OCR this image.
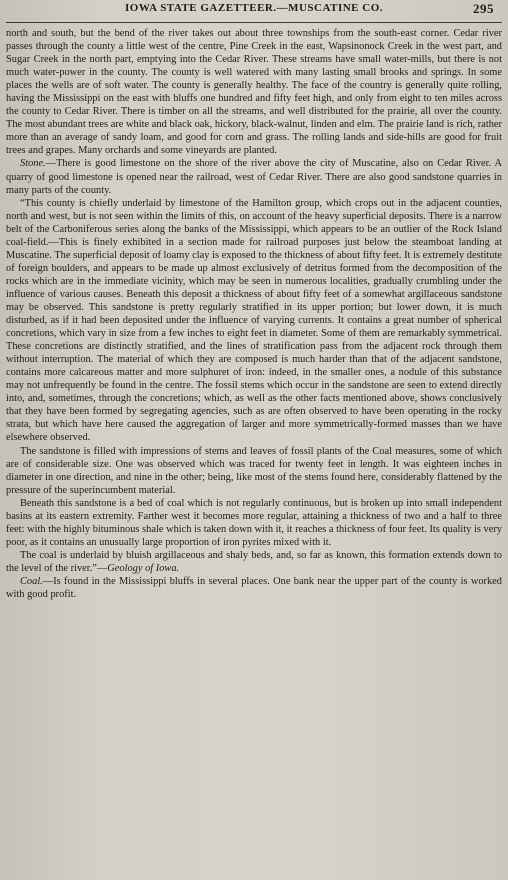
IOWA STATE GAZETTEER.—MUSCATINE CO.	295

north and south, but the bend of the river takes out about three townships from the south-east corner. Cedar river passes through the county a little west of the centre, Pine Creek in the east, Wapsinonock Creek in the west part, and Sugar Creek in the north part, emptying into the Cedar River. These streams have small water-mills, but there is not much water-power in the county. The county is well watered with many lasting small brooks and springs. In some places the wells are of soft water. The county is generally healthy. The face of the country is generally quite rolling, having the Mississippi on the east with bluffs one hundred and fifty feet high, and only from eight to ten miles across the county to Cedar River. There is timber on all the streams, and well distributed for the prairie, all over the county. The most abundant trees are white and black oak, hickory, black-walnut, linden and elm. The prairie land is rich, rather more than an average of sandy loam, and good for corn and grass. The rolling lands and side-hills are good for fruit trees and grapes. Many orchards and some vineyards are planted.

Stone.—There is good limestone on the shore of the river above the city of Muscatine, also on Cedar River. A quarry of good limestone is opened near the railroad, west of Cedar River. There are also good sandstone quarries in many parts of the county.

“This county is chiefly underlaid by limestone of the Hamilton group, which crops out in the adjacent counties, north and west, but is not seen within the limits of this, on account of the heavy superficial deposits. There is a narrow belt of the Carboniferous series along the banks of the Mississippi, which appears to be an outlier of the Rock Island coal-field.—This is finely exhibited in a section made for railroad purposes just below the steamboat landing at Muscatine. The superficial deposit of loamy clay is exposed to the thickness of about fifty feet. It is extremely destitute of foreign boulders, and appears to be made up almost exclusively of detritus formed from the decomposition of the rocks which are in the immediate vicinity, which may be seen in numerous localities, gradually crumbling under the influence of various causes. Beneath this deposit a thickness of about fifty feet of a somewhat argillaceous sandstone may be observed. This sandstone is pretty regularly stratified in its upper portion; but lower down, it is much disturbed, as if it had been deposited under the influence of varying currents. It contains a great number of spherical concretions, which vary in size from a few inches to eight feet in diameter. Some of them are remarkably symmetrical. These concretions are distinctly stratified, and the lines of stratification pass from the adjacent rock through them without interruption. The material of which they are composed is much harder than that of the adjacent sandstone, contains more calcareous matter and more sulphuret of iron: indeed, in the smaller ones, a nodule of this substance may not unfrequently be found in the centre. The fossil stems which occur in the sandstone are seen to extend directly into, and, sometimes, through the concretions; which, as well as the other facts mentioned above, shows conclusively that they have been formed by segregating agencies, such as are often observed to have been operating in the rocky strata, but which have here caused the aggregation of larger and more symmetrically-formed masses than we have elsewhere observed.

The sandstone is filled with impressions of stems and leaves of fossil plants of the Coal measures, some of which are of considerable size. One was observed which was traced for twenty feet in length. It was eighteen inches in diameter in one direction, and nine in the other; being, like most of the stems found here, considerably flattened by the pressure of the superincumbent material.

Beneath this sandstone is a bed of coal which is not regularly continuous, but is broken up into small independent basins at its eastern extremity. Farther west it becomes more regular, attaining a thickness of two and a half to three feet: with the highly bituminous shale which is taken down with it, it reaches a thickness of four feet. Its quality is very poor, as it contains an unusually large proportion of iron pyrites mixed with it.

The coal is underlaid by bluish argillaceous and shaly beds, and, so far as known, this formation extends down to the level of the river.”—Geology of Iowa.

Coal.—Is found in the Mississippi bluffs in several places. One bank near the upper part of the county is worked with good profit.
